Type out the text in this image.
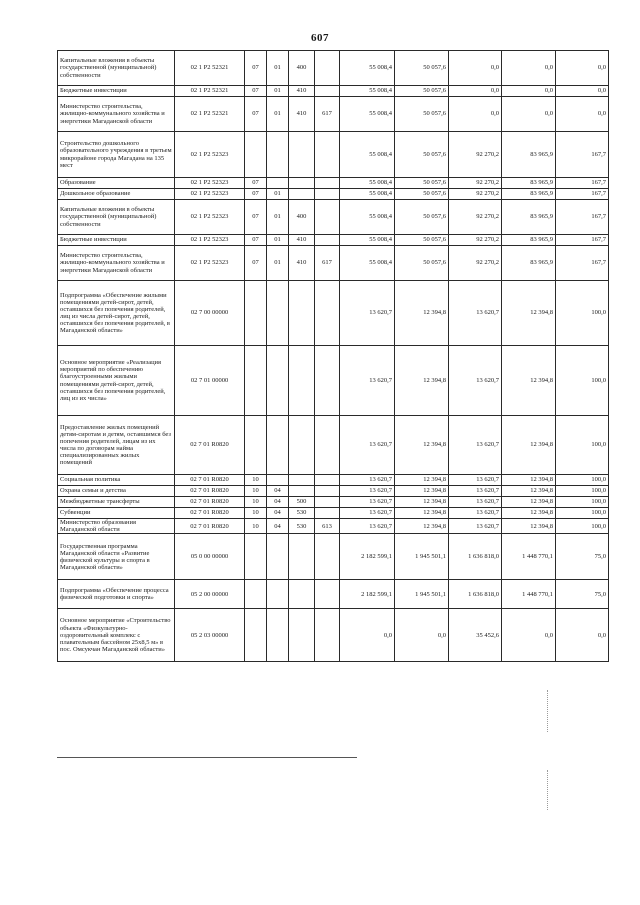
607
Капитальные вложения в объекты государственной (муниципальной) собственности	02 1 P2 52321	07	01	400		55 008,4	50 057,6	0,0	0,0	0,0
Бюджетные инвестиции	02 1 P2 52321	07	01	410		55 008,4	50 057,6	0,0	0,0	0,0
Министерство строительства, жилищно-коммунального хозяйства и энергетики Магаданской области	02 1 P2 52321	07	01	410	617	55 008,4	50 057,6	0,0	0,0	0,0
Строительство дошкольного образовательного учреждения в третьем микрорайоне города Магадана на 135 мест	02 1 P2 52323					55 008,4	50 057,6	92 270,2	83 965,9	167,7
Образование	02 1 P2 52323	07				55 008,4	50 057,6	92 270,2	83 965,9	167,7
Дошкольное образование	02 1 P2 52323	07	01			55 008,4	50 057,6	92 270,2	83 965,9	167,7
Капитальные вложения в объекты государственной (муниципальной) собственности	02 1 P2 52323	07	01	400		55 008,4	50 057,6	92 270,2	83 965,9	167,7
Бюджетные инвестиции	02 1 P2 52323	07	01	410		55 008,4	50 057,6	92 270,2	83 965,9	167,7
Министерство строительства, жилищно-коммунального хозяйства и энергетики Магаданской области	02 1 P2 52323	07	01	410	617	55 008,4	50 057,6	92 270,2	83 965,9	167,7
Подпрограмма «Обеспечение жилыми помещениями детей-сирот, детей, оставшихся без попечения родителей, лиц из числа детей-сирот, детей, оставшихся без попечения родителей, в Магаданской области»	02 7 00 00000					13 620,7	12 394,8	13 620,7	12 394,8	100,0
Основное мероприятие «Реализация мероприятий по обеспечению благоустроенными жилыми помещениями детей-сирот, детей, оставшихся без попечения родителей, лиц из их числа»	02 7 01 00000					13 620,7	12 394,8	13 620,7	12 394,8	100,0
Предоставление жилых помещений детям-сиротам и детям, оставшимся без попечения родителей, лицам из их числа по договорам найма специализированных жилых помещений	02 7 01 R0820					13 620,7	12 394,8	13 620,7	12 394,8	100,0
Социальная политика	02 7 01 R0820	10				13 620,7	12 394,8	13 620,7	12 394,8	100,0
Охрана семьи и детства	02 7 01 R0820	10	04			13 620,7	12 394,8	13 620,7	12 394,8	100,0
Межбюджетные трансферты	02 7 01 R0820	10	04	500		13 620,7	12 394,8	13 620,7	12 394,8	100,0
Субвенции	02 7 01 R0820	10	04	530		13 620,7	12 394,8	13 620,7	12 394,8	100,0
Министерство образования Магаданской области	02 7 01 R0820	10	04	530	613	13 620,7	12 394,8	13 620,7	12 394,8	100,0
Государственная программа Магаданской области «Развитие физической культуры и спорта в Магаданской области»	05 0 00 00000					2 182 599,1	1 945 501,1	1 636 818,0	1 448 770,1	75,0
Подпрограмма «Обеспечение процесса физической подготовки и спорта»	05 2 00 00000					2 182 599,1	1 945 501,1	1 636 818,0	1 448 770,1	75,0
Основное мероприятие «Строительство объекта «Физкультурно-оздоровительный комплекс с плавательным бассейном 25x8,5 м» в пос. Омсукчан Магаданской области»	05 2 03 00000					0,0	0,0	35 452,6	0,0	0,0
